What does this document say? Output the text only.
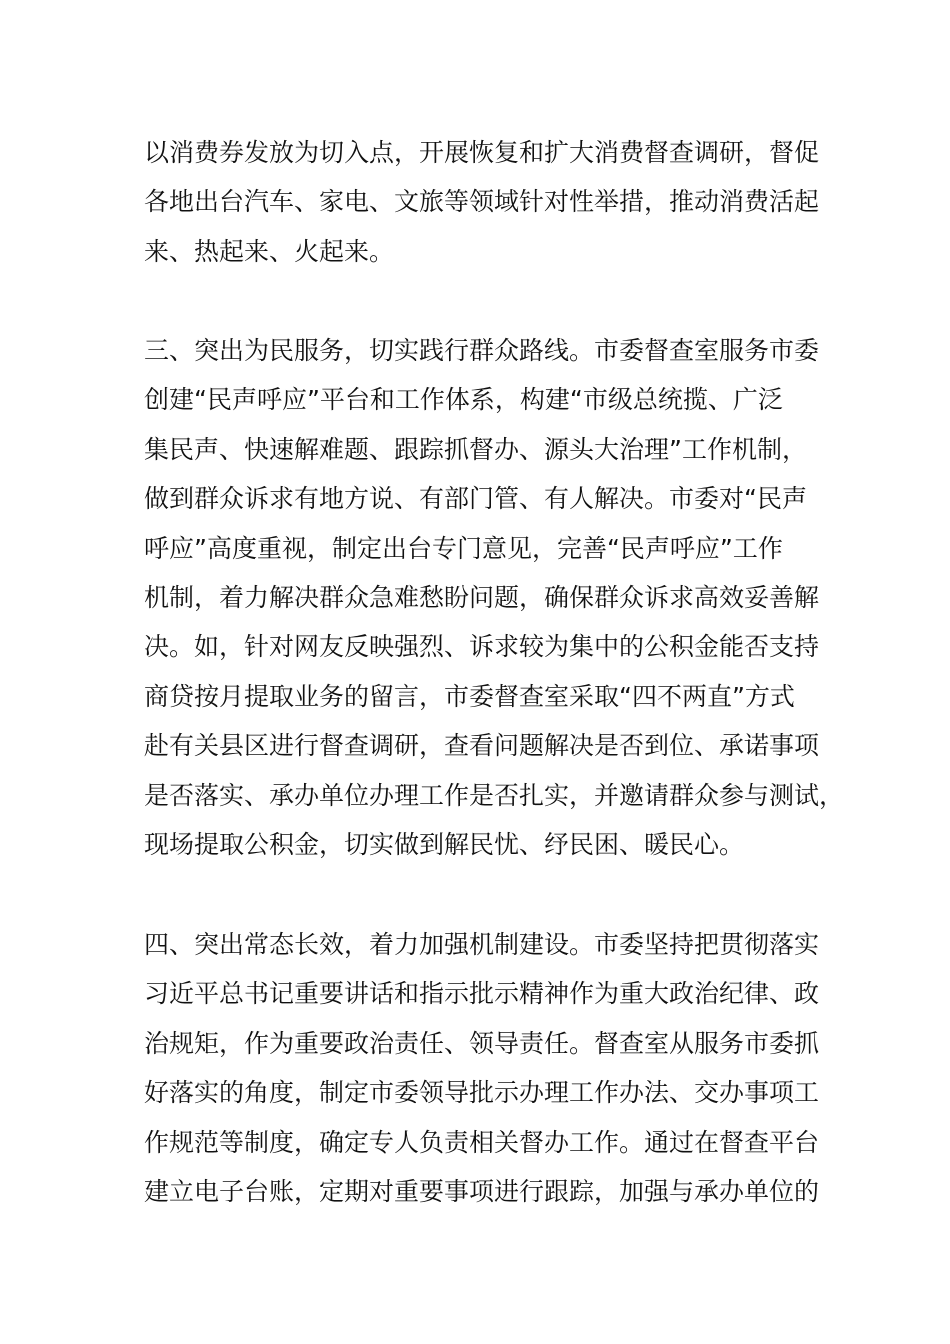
以消费券发放为切入点，开展恢复和扩大消费督查调研，督促
各地出台汽车、家电、文旅等领域针对性举措，推动消费活起
来、热起来、火起来。
三、突出为民服务，切实践行群众路线。市委督查室服务市委
创建“民声呼应”平台和工作体系，构建“市级总统揽、广泛
集民声、快速解难题、跟踪抓督办、源头大治理”工作机制，
做到群众诉求有地方说、有部门管、有人解决。市委对“民声
呼应”高度重视，制定出台专门意见，完善“民声呼应”工作
机制，着力解决群众急难愁盼问题，确保群众诉求高效妥善解
决。如，针对网友反映强烈、诉求较为集中的公积金能否支持
商贷按月提取业务的留言，市委督查室采取“四不两直”方式
赴有关县区进行督查调研，查看问题解决是否到位、承诺事项
是否落实、承办单位办理工作是否扎实，并邀请群众参与测试，
现场提取公积金，切实做到解民忧、纾民困、暖民心。
四、突出常态长效，着力加强机制建设。市委坚持把贯彻落实
习近平总书记重要讲话和指示批示精神作为重大政治纪律、政
治规矩，作为重要政治责任、领导责任。督查室从服务市委抓
好落实的角度，制定市委领导批示办理工作办法、交办事项工
作规范等制度，确定专人负责相关督办工作。通过在督查平台
建立电子台账，定期对重要事项进行跟踪，加强与承办单位的
